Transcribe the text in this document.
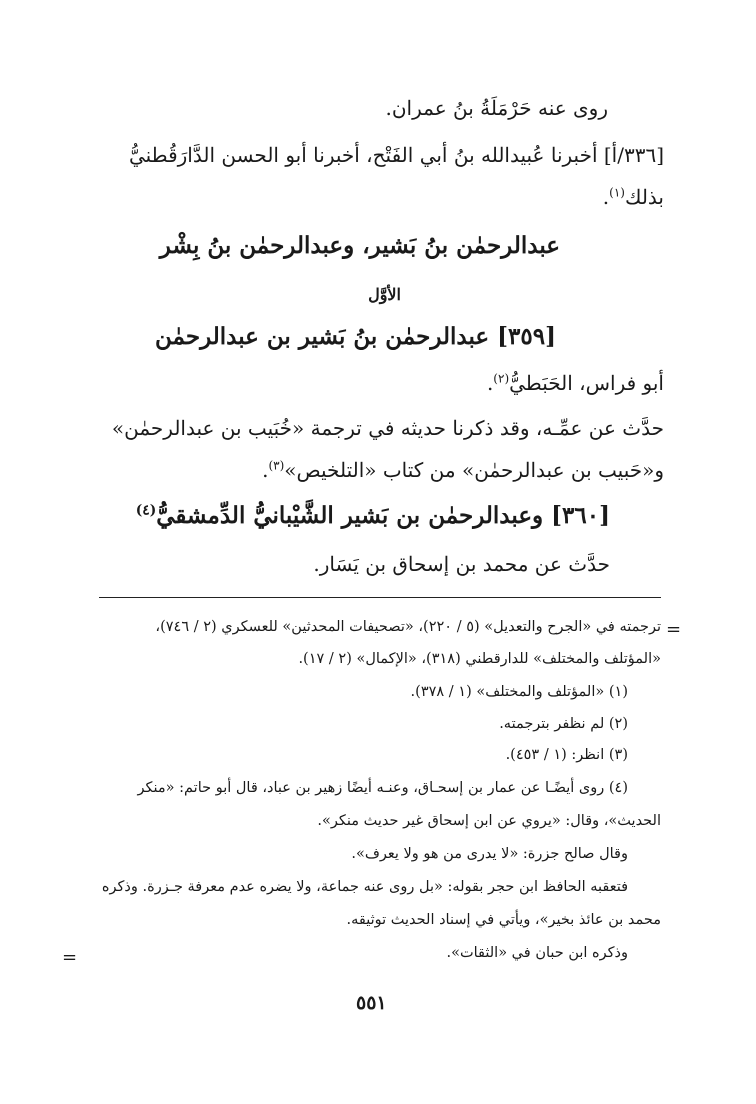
روى عنه حَرْمَلَةُ بنُ عمران.
[٣٣٦/أ] أخبرنا عُبيدالله بنُ أبي الفَتْح، أخبرنا أبو الحسن الدَّارَقُطنيُّ
بذلك$^{(١)}$.
عبدالرحمٰن بنُ بَشير، وعبدالرحمٰن بنُ بِشْر
الأوَّل
[٣٥٩] عبدالرحمٰن بنُ بَشير بن عبدالرحمٰن
أبو فراس، الحَبَطيُّ$^{(٢)}$.
حدَّث عن عمِّـه، وقد ذكرنا حديثه في ترجمة «خُبَيب بن عبدالرحمٰن»
و«حَبيب بن عبدالرحمٰن» من كتاب «التلخيص»$^{(٣)}$.
[٣٦٠] وعبدالرحمٰن بن بَشير الشَّيْبانيُّ الدِّمشقيُّ$^{(٤)}$
حدَّث عن محمد بن إسحاق بن يَسَار.
=
ترجمته في «الجرح والتعديل» (٥ / ٢٢٠)، «تصحيفات المحدثين» للعسكري (٢ / ٧٤٦)،
«المؤتلف والمختلف» للدارقطني (٣١٨)، «الإكمال» (٢ / ١٧).
(١) «المؤتلف والمختلف» (١ / ٣٧٨).
(٢) لم نظفر بترجمته.
(٣) انظر: (١ / ٤٥٣).
(٤) روى أيضًـا عن عمار بن إسحـاق، وعنـه أيضًا زهير بن عباد، قال أبو حاتم: «منكر
الحديث»، وقال: «يروي عن ابن إسحاق غير حديث منكر».
وقال صالح جزرة: «لا يدرى من هو ولا يعرف».
فتعقبه الحافظ ابن حجر بقوله: «بل روى عنه جماعة، ولا يضره عدم معرفة جـزرة. وذكره
محمد بن عائذ بخير»، ويأتي في إسناد الحديث توثيقه.
وذكره ابن حبان في «الثقات».
=
٥٥١
